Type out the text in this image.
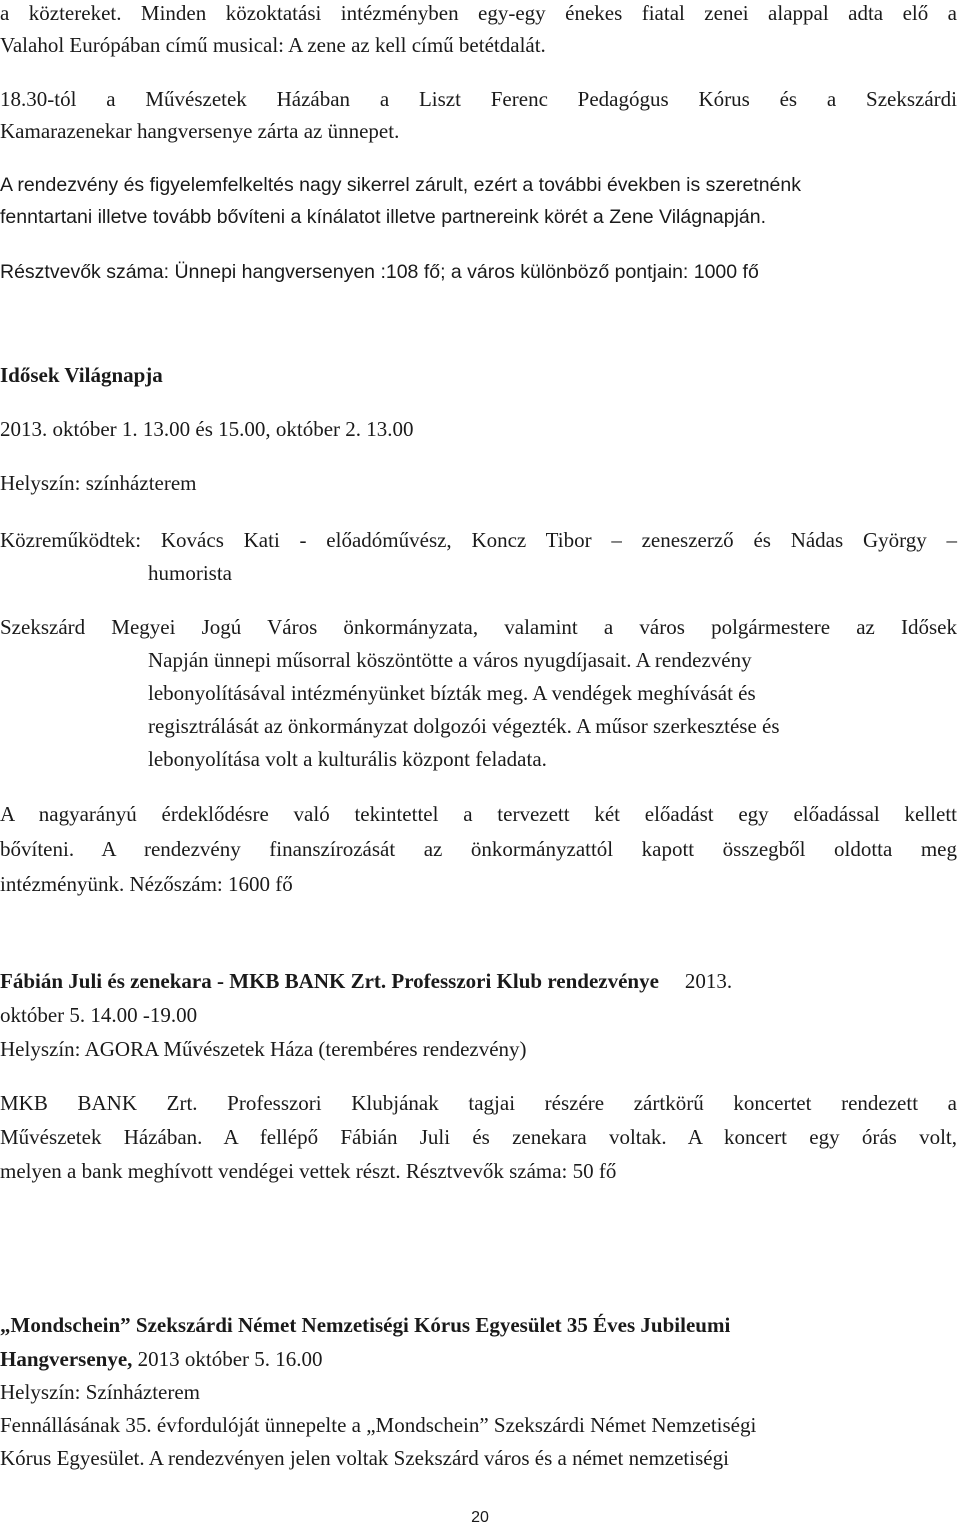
a köztereket. Minden közoktatási intézményben egy-egy énekes fiatal zenei alappal adta elő a
Valahol Európában című musical: A zene az kell című betétdalát.
18.30-tól a Művészetek Házában a Liszt Ferenc Pedagógus Kórus és a Szekszárdi
Kamarazenekar hangversenye zárta az ünnepet.
A rendezvény és figyelemfelkeltés nagy sikerrel zárult, ezért a további években is szeretnénk
fenntartani illetve tovább bővíteni a kínálatot illetve partnereink körét a Zene Világnapján.
Résztvevők száma: Ünnepi hangversenyen :108 fő; a város különböző pontjain: 1000 fő
Idősek Világnapja
2013. október 1. 13.00 és 15.00, október 2. 13.00
Helyszín: színházterem
Közreműködtek: Kovács Kati - előadóművész, Koncz Tibor – zeneszerző és Nádas György –
humorista
Szekszárd Megyei Jogú Város önkormányzata, valamint a város polgármestere az Idősek
Napján ünnepi műsorral köszöntötte a város nyugdíjasait. A rendezvény
lebonyolításával intézményünket bízták meg. A vendégek meghívását és
regisztrálását az önkormányzat dolgozói végezték. A műsor szerkesztése és
lebonyolítása volt a kulturális központ feladata.
A nagyarányú érdeklődésre való tekintettel a tervezett két előadást egy előadással kellett
bővíteni. A rendezvény finanszírozását az önkormányzattól kapott összegből oldotta meg
intézményünk. Nézőszám: 1600 fő
Fábián Juli és zenekara - MKB BANK Zrt. Professzori Klub rendezvénye 2013.
október 5. 14.00 -19.00
Helyszín: AGORA Művészetek Háza (terembéres rendezvény)
MKB BANK Zrt. Professzori Klubjának tagjai részére zártkörű koncertet rendezett a
Művészetek Házában. A fellépő Fábián Juli és zenekara voltak. A koncert egy órás volt,
melyen a bank meghívott vendégei vettek részt. Résztvevők száma: 50 fő
„Mondschein” Szekszárdi Német Nemzetiségi Kórus Egyesület 35 Éves Jubileumi
Hangversenye, 2013 október 5. 16.00
Helyszín: Színházterem
Fennállásának 35. évfordulóját ünnepelte a „Mondschein” Szekszárdi Német Nemzetiségi
Kórus Egyesület. A rendezvényen jelen voltak Szekszárd város és a német nemzetiségi
20
